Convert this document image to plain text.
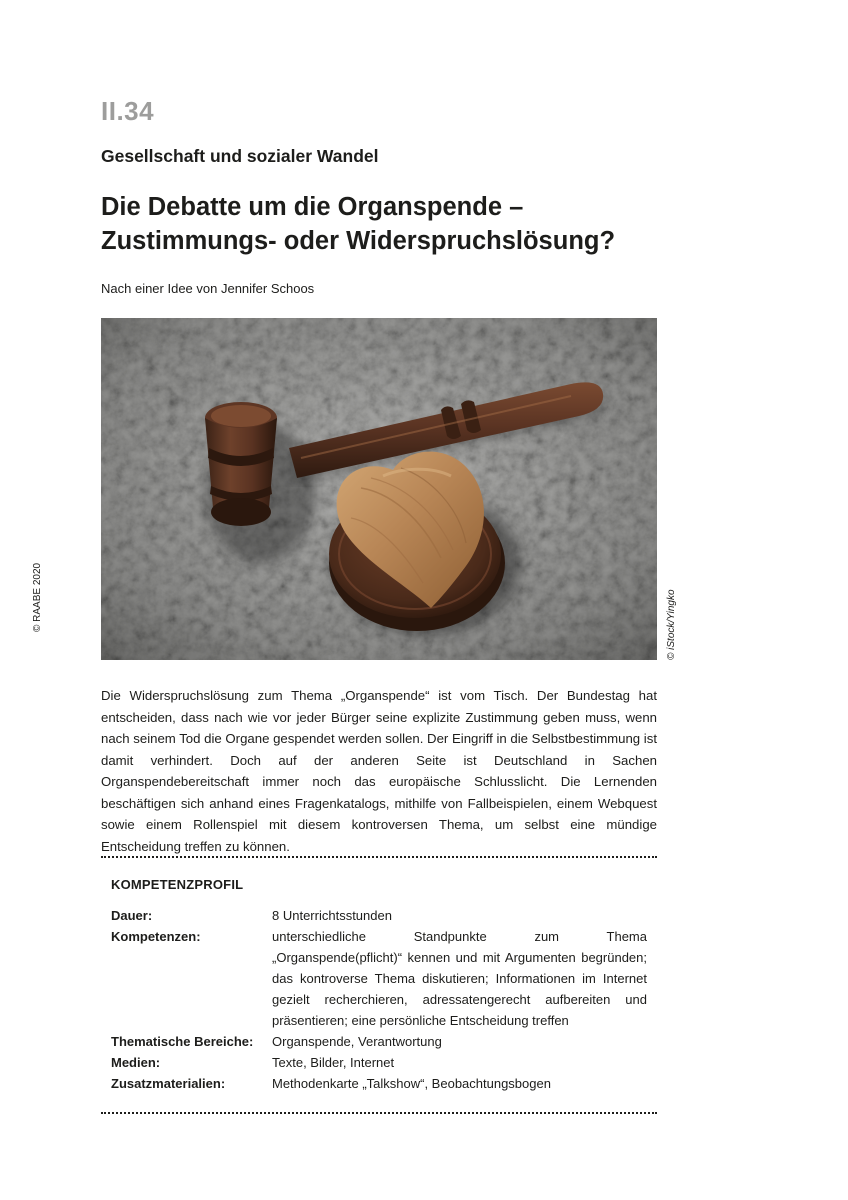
II.34
Gesellschaft und sozialer Wandel
Die Debatte um die Organspende –
Zustimmungs- oder Widerspruchslösung?
Nach einer Idee von Jennifer Schoos
© RAABE 2020	© iStock/Yingko
Die Widerspruchslösung zum Thema „Organspende“ ist vom Tisch. Der Bundestag hat entscheiden, dass nach wie vor jeder Bürger seine explizite Zustimmung geben muss, wenn nach seinem Tod die Organe gespendet werden sollen. Der Eingriff in die Selbstbestimmung ist damit verhindert. Doch auf der anderen Seite ist Deutschland in Sachen Organspendebereitschaft immer noch das europäische Schlusslicht. Die Lernenden beschäftigen sich anhand eines Fragenkatalogs, mithilfe von Fallbeispielen, einem Webquest sowie einem Rollenspiel mit diesem kontroversen Thema, um selbst eine mündige Entscheidung treffen zu können.
KOMPETENZPROFIL
Dauer:	8 Unterrichtsstunden
Kompetenzen:	unterschiedliche Standpunkte zum Thema „Organspende(pflicht)“ kennen und mit Argumenten begründen; das kontroverse Thema diskutieren; Informationen im Internet gezielt recherchieren, adressatengerecht aufbereiten und präsentieren; eine persönliche Entscheidung treffen
Thematische Bereiche:	Organspende, Verantwortung
Medien:	Texte, Bilder, Internet
Zusatzmaterialien:	Methodenkarte „Talkshow“, Beobachtungsbogen
